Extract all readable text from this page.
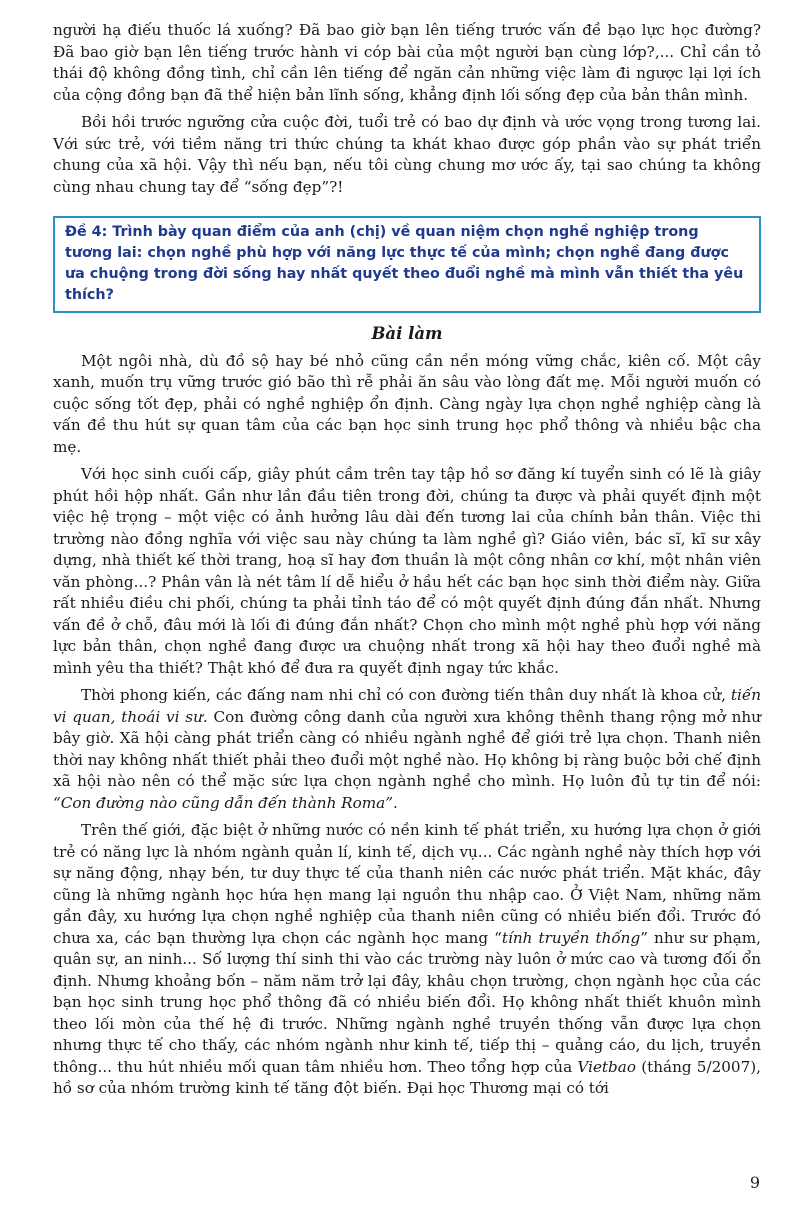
người hạ điếu thuốc lá xuống? Đã bao giờ bạn lên tiếng trước vấn đề bạo lực học đường? Đã bao giờ bạn lên tiếng trước hành vi cóp bài của một người bạn cùng lớp?,... Chỉ cần tỏ thái độ không đồng tình, chỉ cần lên tiếng để ngăn cản những việc làm đi ngược lại lợi ích của cộng đồng bạn đã thể hiện bản lĩnh sống, khẳng định lối sống đẹp của bản thân mình.

Bồi hồi trước ngưỡng cửa cuộc đời, tuổi trẻ có bao dự định và ước vọng trong tương lai. Với sức trẻ, với tiềm năng tri thức chúng ta khát khao được góp phần vào sự phát triển chung của xã hội. Vậy thì nếu bạn, nếu tôi cùng chung mơ ước ấy, tại sao chúng ta không cùng nhau chung tay để “sống đẹp”?!

Đề 4: Trình bày quan điểm của anh (chị) về quan niệm chọn nghề nghiệp trong tương lai: chọn nghề phù hợp với năng lực thực tế của mình; chọn nghề đang được ưa chuộng trong đời sống hay nhất quyết theo đuổi nghề mà mình vẫn thiết tha yêu thích?
Bài làm

Một ngôi nhà, dù đồ sộ hay bé nhỏ cũng cần nền móng vững chắc, kiên cố. Một cây xanh, muốn trụ vững trước gió bão thì rễ phải ăn sâu vào lòng đất mẹ. Mỗi người muốn có cuộc sống tốt đẹp, phải có nghề nghiệp ổn định. Càng ngày lựa chọn nghề nghiệp càng là vấn đề thu hút sự quan tâm của các bạn học sinh trung học phổ thông và nhiều bậc cha mẹ.

Với học sinh cuối cấp, giây phút cầm trên tay tập hồ sơ đăng kí tuyển sinh có lẽ là giây phút hồi hộp nhất. Gần như lần đầu tiên trong đời, chúng ta được và phải quyết định một việc hệ trọng – một việc có ảnh hưởng lâu dài đến tương lai của chính bản thân. Việc thi trường nào đồng nghĩa với việc sau này chúng ta làm nghề gì? Giáo viên, bác sĩ, kĩ sư xây dựng, nhà thiết kế thời trang, hoạ sĩ hay đơn thuần là một công nhân cơ khí, một nhân viên văn phòng...? Phân vân là nét tâm lí dễ hiểu ở hầu hết các bạn học sinh thời điểm này. Giữa rất nhiều điều chi phối, chúng ta phải tỉnh táo để có một quyết định đúng đắn nhất. Nhưng vấn đề ở chỗ, đâu mới là lối đi đúng đắn nhất? Chọn cho mình một nghề phù hợp với năng lực bản thân, chọn nghề đang được ưa chuộng nhất trong xã hội hay theo đuổi nghề mà mình yêu tha thiết? Thật khó để đưa ra quyết định ngay tức khắc.

Thời phong kiến, các đấng nam nhi chỉ có con đường tiến thân duy nhất là khoa cử, tiến vi quan, thoái vi sư. Con đường công danh của người xưa không thênh thang rộng mở như bây giờ. Xã hội càng phát triển càng có nhiều ngành nghề để giới trẻ lựa chọn. Thanh niên thời nay không nhất thiết phải theo đuổi một nghề nào. Họ không bị ràng buộc bởi chế định xã hội nào nên có thể mặc sức lựa chọn ngành nghề cho mình. Họ luôn đủ tự tin để nói: “Con đường nào cũng dẫn đến thành Roma”.

Trên thế giới, đặc biệt ở những nước có nền kinh tế phát triển, xu hướng lựa chọn ở giới trẻ có năng lực là nhóm ngành quản lí, kinh tế, dịch vụ... Các ngành nghề này thích hợp với sự năng động, nhạy bén, tư duy thực tế của thanh niên các nước phát triển. Mặt khác, đây cũng là những ngành học hứa hẹn mang lại nguồn thu nhập cao. Ở Việt Nam, những năm gần đây, xu hướng lựa chọn nghề nghiệp của thanh niên cũng có nhiều biến đổi. Trước đó chưa xa, các bạn thường lựa chọn các ngành học mang “tính truyền thống” như sư phạm, quân sự, an ninh... Số lượng thí sinh thi vào các trường này luôn ở mức cao và tương đối ổn định. Nhưng khoảng bốn – năm năm trở lại đây, khâu chọn trường, chọn ngành học của các bạn học sinh trung học phổ thông đã có nhiều biến đổi. Họ không nhất thiết khuôn mình theo lối mòn của thế hệ đi trước. Những ngành nghề truyền thống vẫn được lựa chọn nhưng thực tế cho thấy, các nhóm ngành như kinh tế, tiếp thị – quảng cáo, du lịch, truyền thông... thu hút nhiều mối quan tâm nhiều hơn. Theo tổng hợp của Vietbao (tháng 5/2007), hồ sơ của nhóm trường kinh tế tăng đột biến. Đại học Thương mại có tới

9
